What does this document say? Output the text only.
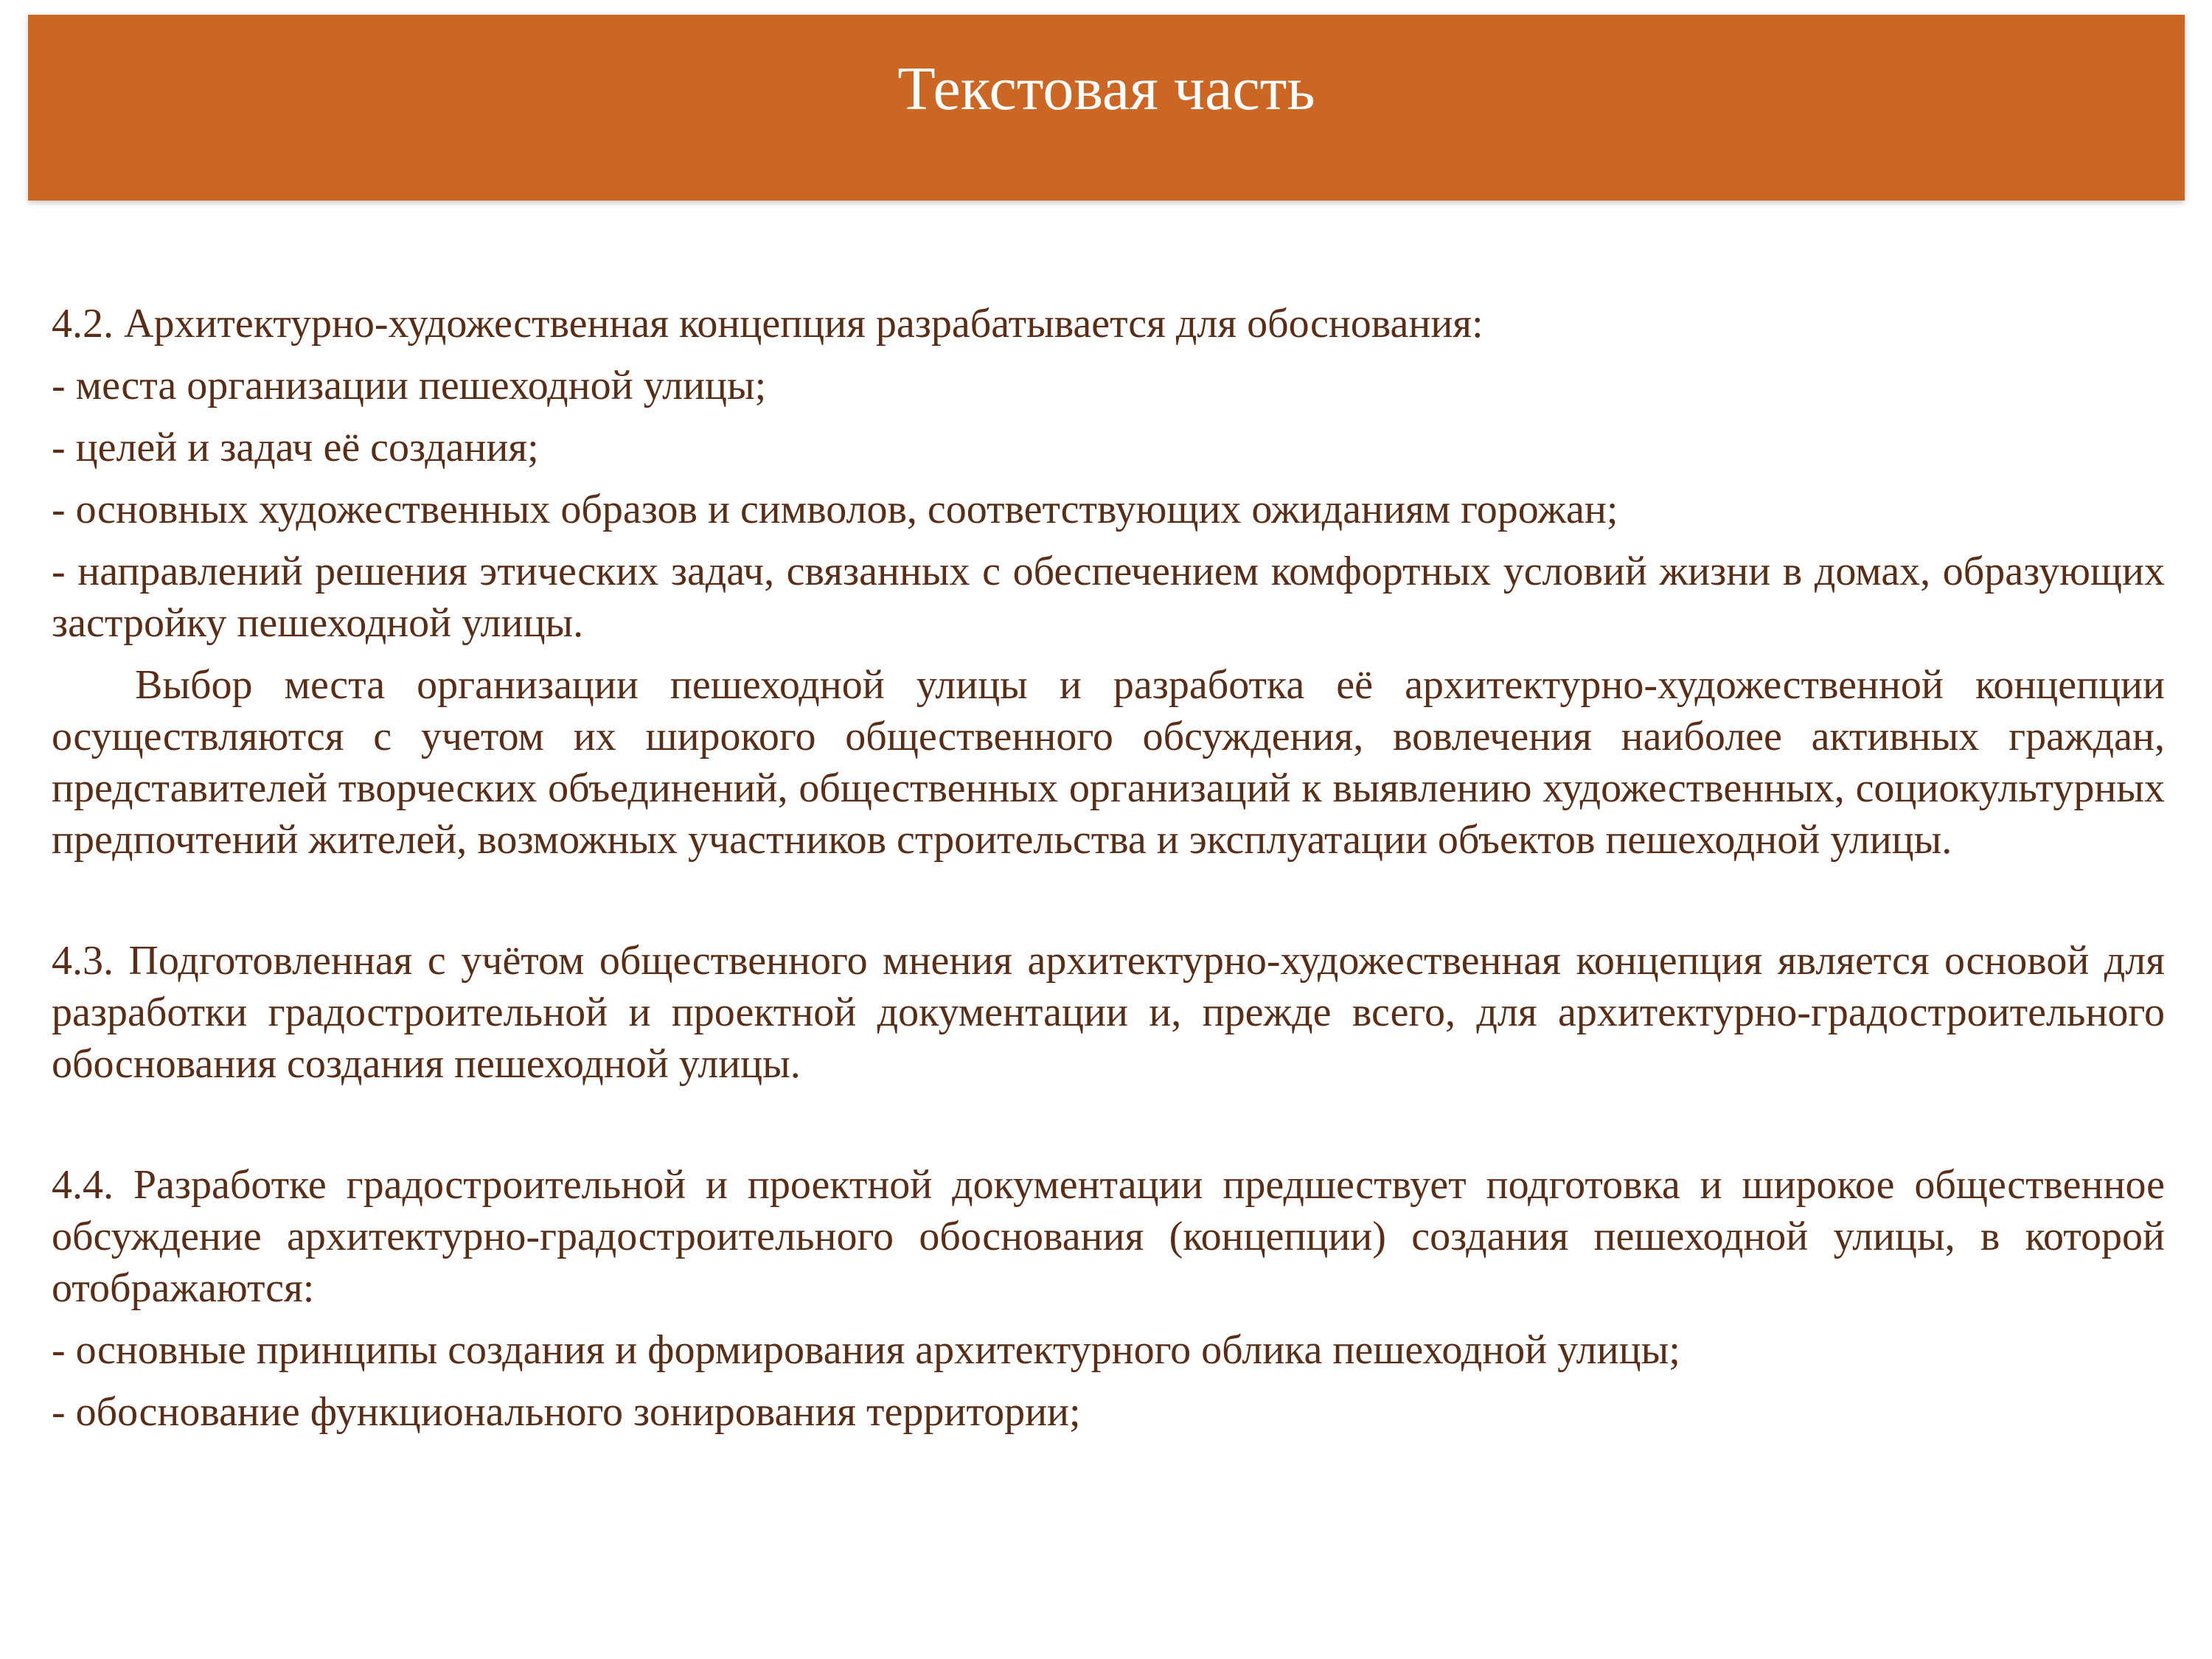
Текстовая часть

4.2. Архитектурно-художественная концепция разрабатывается для обоснования:

- места организации пешеходной улицы;

- целей и задач её создания;

- основных художественных образов и символов, соответствующих ожиданиям горожан;

- направлений решения этических задач, связанных с обеспечением комфортных условий жизни в домах, образующих застройку пешеходной улицы.

Выбор места организации пешеходной улицы и разработка её архитектурно-художественной концепции осуществляются с учетом их широкого общественного обсуждения, вовлечения наиболее активных граждан, представителей творческих объединений, общественных организаций к выявлению художественных, социокультурных предпочтений жителей, возможных участников строительства и эксплуатации объектов пешеходной улицы.

4.3. Подготовленная с учётом общественного мнения архитектурно-художественная концепция является основой для разработки градостроительной и проектной документации и, прежде всего, для архитектурно-градостроительного обоснования создания пешеходной улицы.

4.4. Разработке градостроительной и проектной документации предшествует подготовка и широкое общественное обсуждение архитектурно-градостроительного обоснования (концепции) создания пешеходной улицы, в которой отображаются:

- основные принципы создания и формирования архитектурного облика пешеходной улицы;

- обоснование функционального зонирования территории;
